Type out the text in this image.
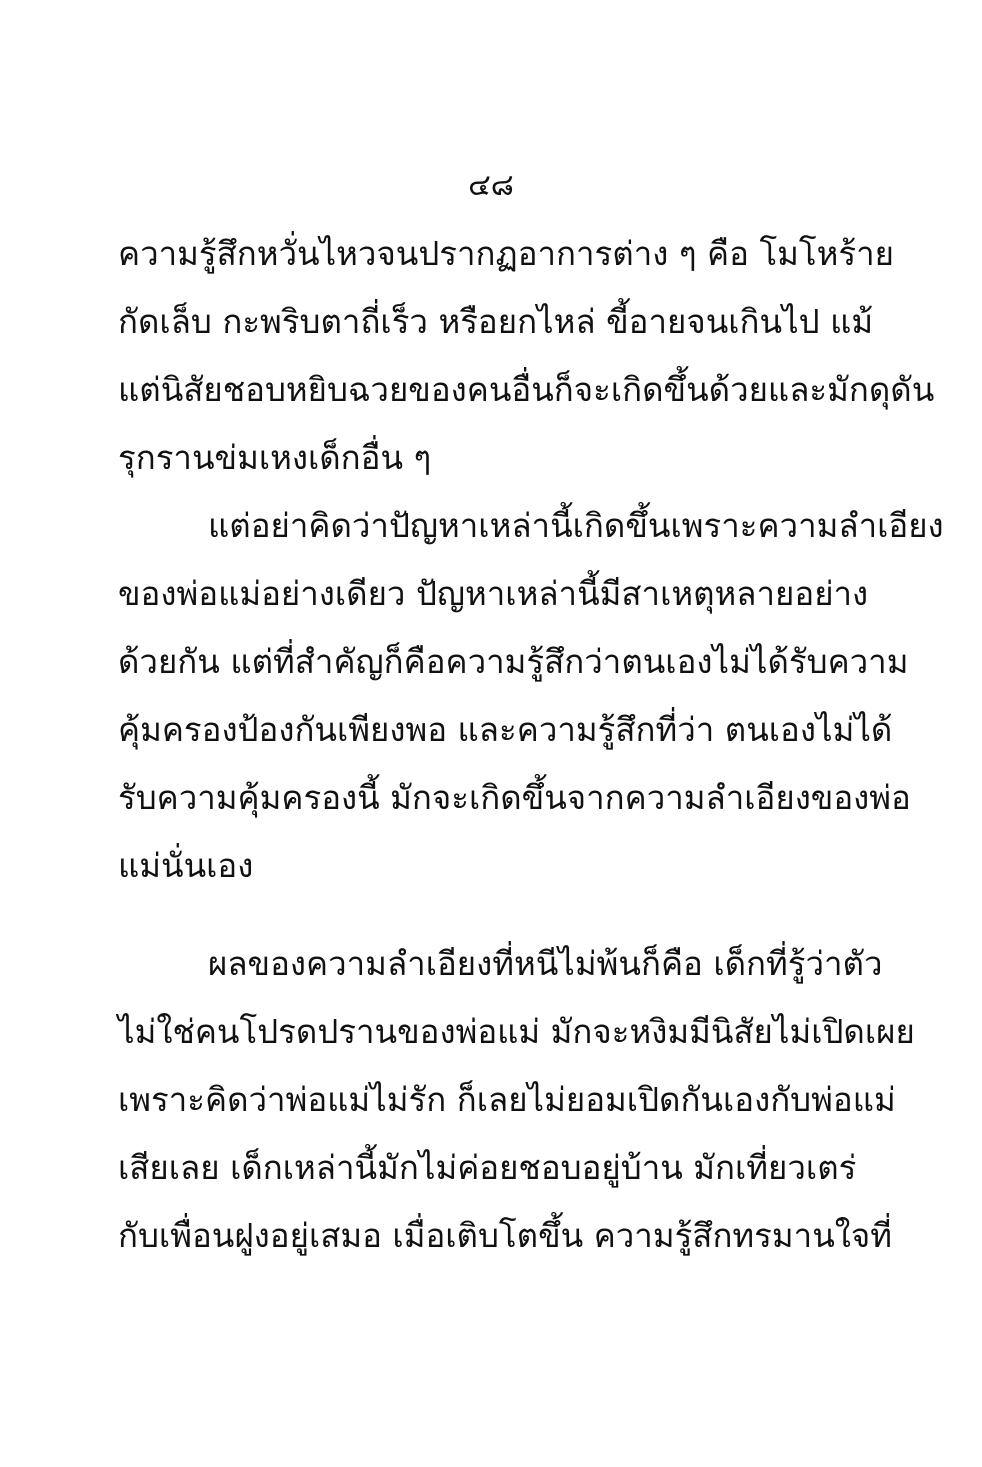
๔๘
ความรู้สึกหวั่นไหวจนปรากฏอาการต่าง ๆ คือ โมโหร้าย
กัดเล็บ กะพริบตาถี่เร็ว หรือยกไหล่ ขี้อายจนเกินไป แม้
แต่นิสัยชอบหยิบฉวยของคนอื่นก็จะเกิดขึ้นด้วยและมักดุดัน
รุกรานข่มเหงเด็กอื่น ๆ
แต่อย่าคิดว่าปัญหาเหล่านี้เกิดขึ้นเพราะความลำเอียง
ของพ่อแม่อย่างเดียว ปัญหาเหล่านี้มีสาเหตุหลายอย่าง
ด้วยกัน แต่ที่สำคัญก็คือความรู้สึกว่าตนเองไม่ได้รับความ
คุ้มครองป้องกันเพียงพอ และความรู้สึกที่ว่า ตนเองไม่ได้
รับความคุ้มครองนี้ มักจะเกิดขึ้นจากความลำเอียงของพ่อ
แม่นั่นเอง
ผลของความลำเอียงที่หนีไม่พ้นก็คือ เด็กที่รู้ว่าตัว
ไม่ใช่คนโปรดปรานของพ่อแม่ มักจะหงิมมีนิสัยไม่เปิดเผย
เพราะคิดว่าพ่อแม่ไม่รัก ก็เลยไม่ยอมเปิดกันเองกับพ่อแม่
เสียเลย เด็กเหล่านี้มักไม่ค่อยชอบอยู่บ้าน มักเที่ยวเตร่
กับเพื่อนฝูงอยู่เสมอ เมื่อเติบโตขึ้น ความรู้สึกทรมานใจที่
